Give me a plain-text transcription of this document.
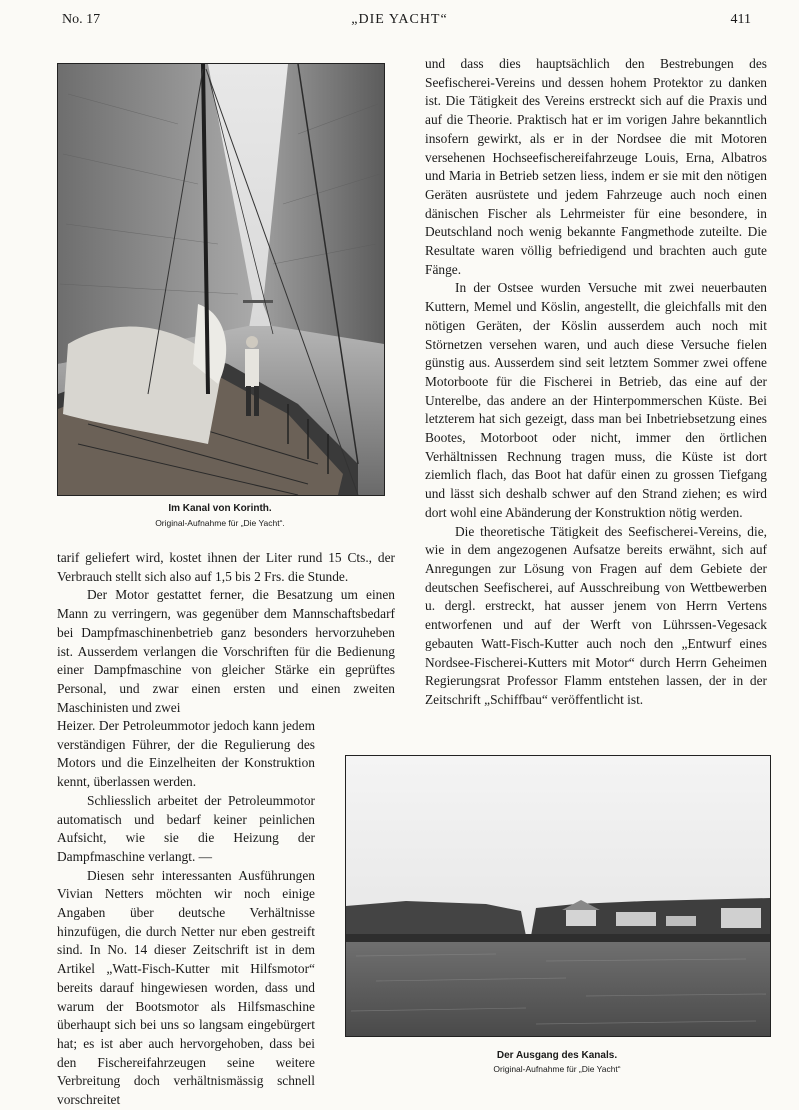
No. 17	„DIE YACHT“	411
Im Kanal von Korinth.
Original-Aufnahme für „Die Yacht“.
Der Ausgang des Kanals.
Original-Aufnahme für „Die Yacht“

tarif geliefert wird, kostet ihnen der Liter rund 15 Cts., der Verbrauch stellt sich also auf 1,5 bis 2 Frs. die Stunde.

Der Motor gestattet ferner, die Besatzung um einen Mann zu verringern, was gegenüber dem Mannschaftsbedarf bei Dampfmaschinenbetrieb ganz besonders hervorzuheben ist. Ausserdem verlangen die Vorschriften für die Bedienung einer Dampfmaschine von gleicher Stärke ein geprüftes Personal, und zwar einen ersten und einen zweiten Maschinisten und zwei

Heizer. Der Petroleummotor jedoch kann jedem verständigen Führer, der die Regulierung des Motors und die Einzelheiten der Konstruktion kennt, überlassen werden.

Schliesslich arbeitet der Petroleummotor automatisch und bedarf keiner peinlichen Aufsicht, wie sie die Heizung der Dampfmaschine verlangt. —

Diesen sehr interessanten Ausführungen Vivian Netters möchten wir noch einige Angaben über deutsche Verhältnisse hinzufügen, die durch Netter nur eben gestreift sind. In No. 14 dieser Zeitschrift ist in dem Artikel „Watt-Fisch-Kutter mit Hilfsmotor“ bereits darauf hingewiesen worden, dass und warum der Bootsmotor als Hilfsmaschine überhaupt sich bei uns so langsam eingebürgert hat; es ist aber auch hervorgehoben, dass bei den Fischereifahrzeugen seine weitere Verbreitung doch verhältnismässig schnell vorschreitet

und dass dies hauptsächlich den Bestrebungen des Seefischerei-Vereins und dessen hohem Protektor zu danken ist. Die Tätigkeit des Vereins erstreckt sich auf die Praxis und auf die Theorie. Praktisch hat er im vorigen Jahre bekanntlich insofern gewirkt, als er in der Nordsee die mit Motoren versehenen Hochseefischereifahrzeuge Louis, Erna, Albatros und Maria in Betrieb setzen liess, indem er sie mit den nötigen Geräten ausrüstete und jedem Fahrzeuge auch noch einen dänischen Fischer als Lehrmeister für eine besondere, in Deutschland noch wenig bekannte Fangmethode zuteilte. Die Resultate waren völlig befriedigend und brachten auch gute Fänge.

In der Ostsee wurden Versuche mit zwei neuerbauten Kuttern, Memel und Köslin, angestellt, die gleichfalls mit den nötigen Geräten, der Köslin ausserdem auch noch mit Störnetzen versehen waren, und auch diese Versuche fielen günstig aus. Ausserdem sind seit letztem Sommer zwei offene Motorboote für die Fischerei in Betrieb, das eine auf der Unterelbe, das andere an der Hinterpommerschen Küste. Bei letzterem hat sich gezeigt, dass man bei Inbetriebsetzung eines Bootes, Motorboot oder nicht, immer den örtlichen Verhältnissen Rechnung tragen muss, die Küste ist dort ziemlich flach, das Boot hat dafür einen zu grossen Tiefgang und lässt sich deshalb schwer auf den Strand ziehen; es wird dort wohl eine Abänderung der Konstruktion nötig werden.

Die theoretische Tätigkeit des Seefischerei-Vereins, die, wie in dem angezogenen Aufsatze bereits erwähnt, sich auf Anregungen zur Lösung von Fragen auf dem Gebiete der deutschen Seefischerei, auf Ausschreibung von Wettbewerben u. dergl. erstreckt, hat ausser jenem von Herrn Vertens entworfenen und auf der Werft von Lührssen-Vegesack gebauten Watt-Fisch-Kutter auch noch den „Entwurf eines Nordsee-Fischerei-Kutters mit Motor“ durch Herrn Geheimen Regierungsrat Professor Flamm entstehen lassen, der in der Zeitschrift „Schiffbau“ veröffentlicht ist.
